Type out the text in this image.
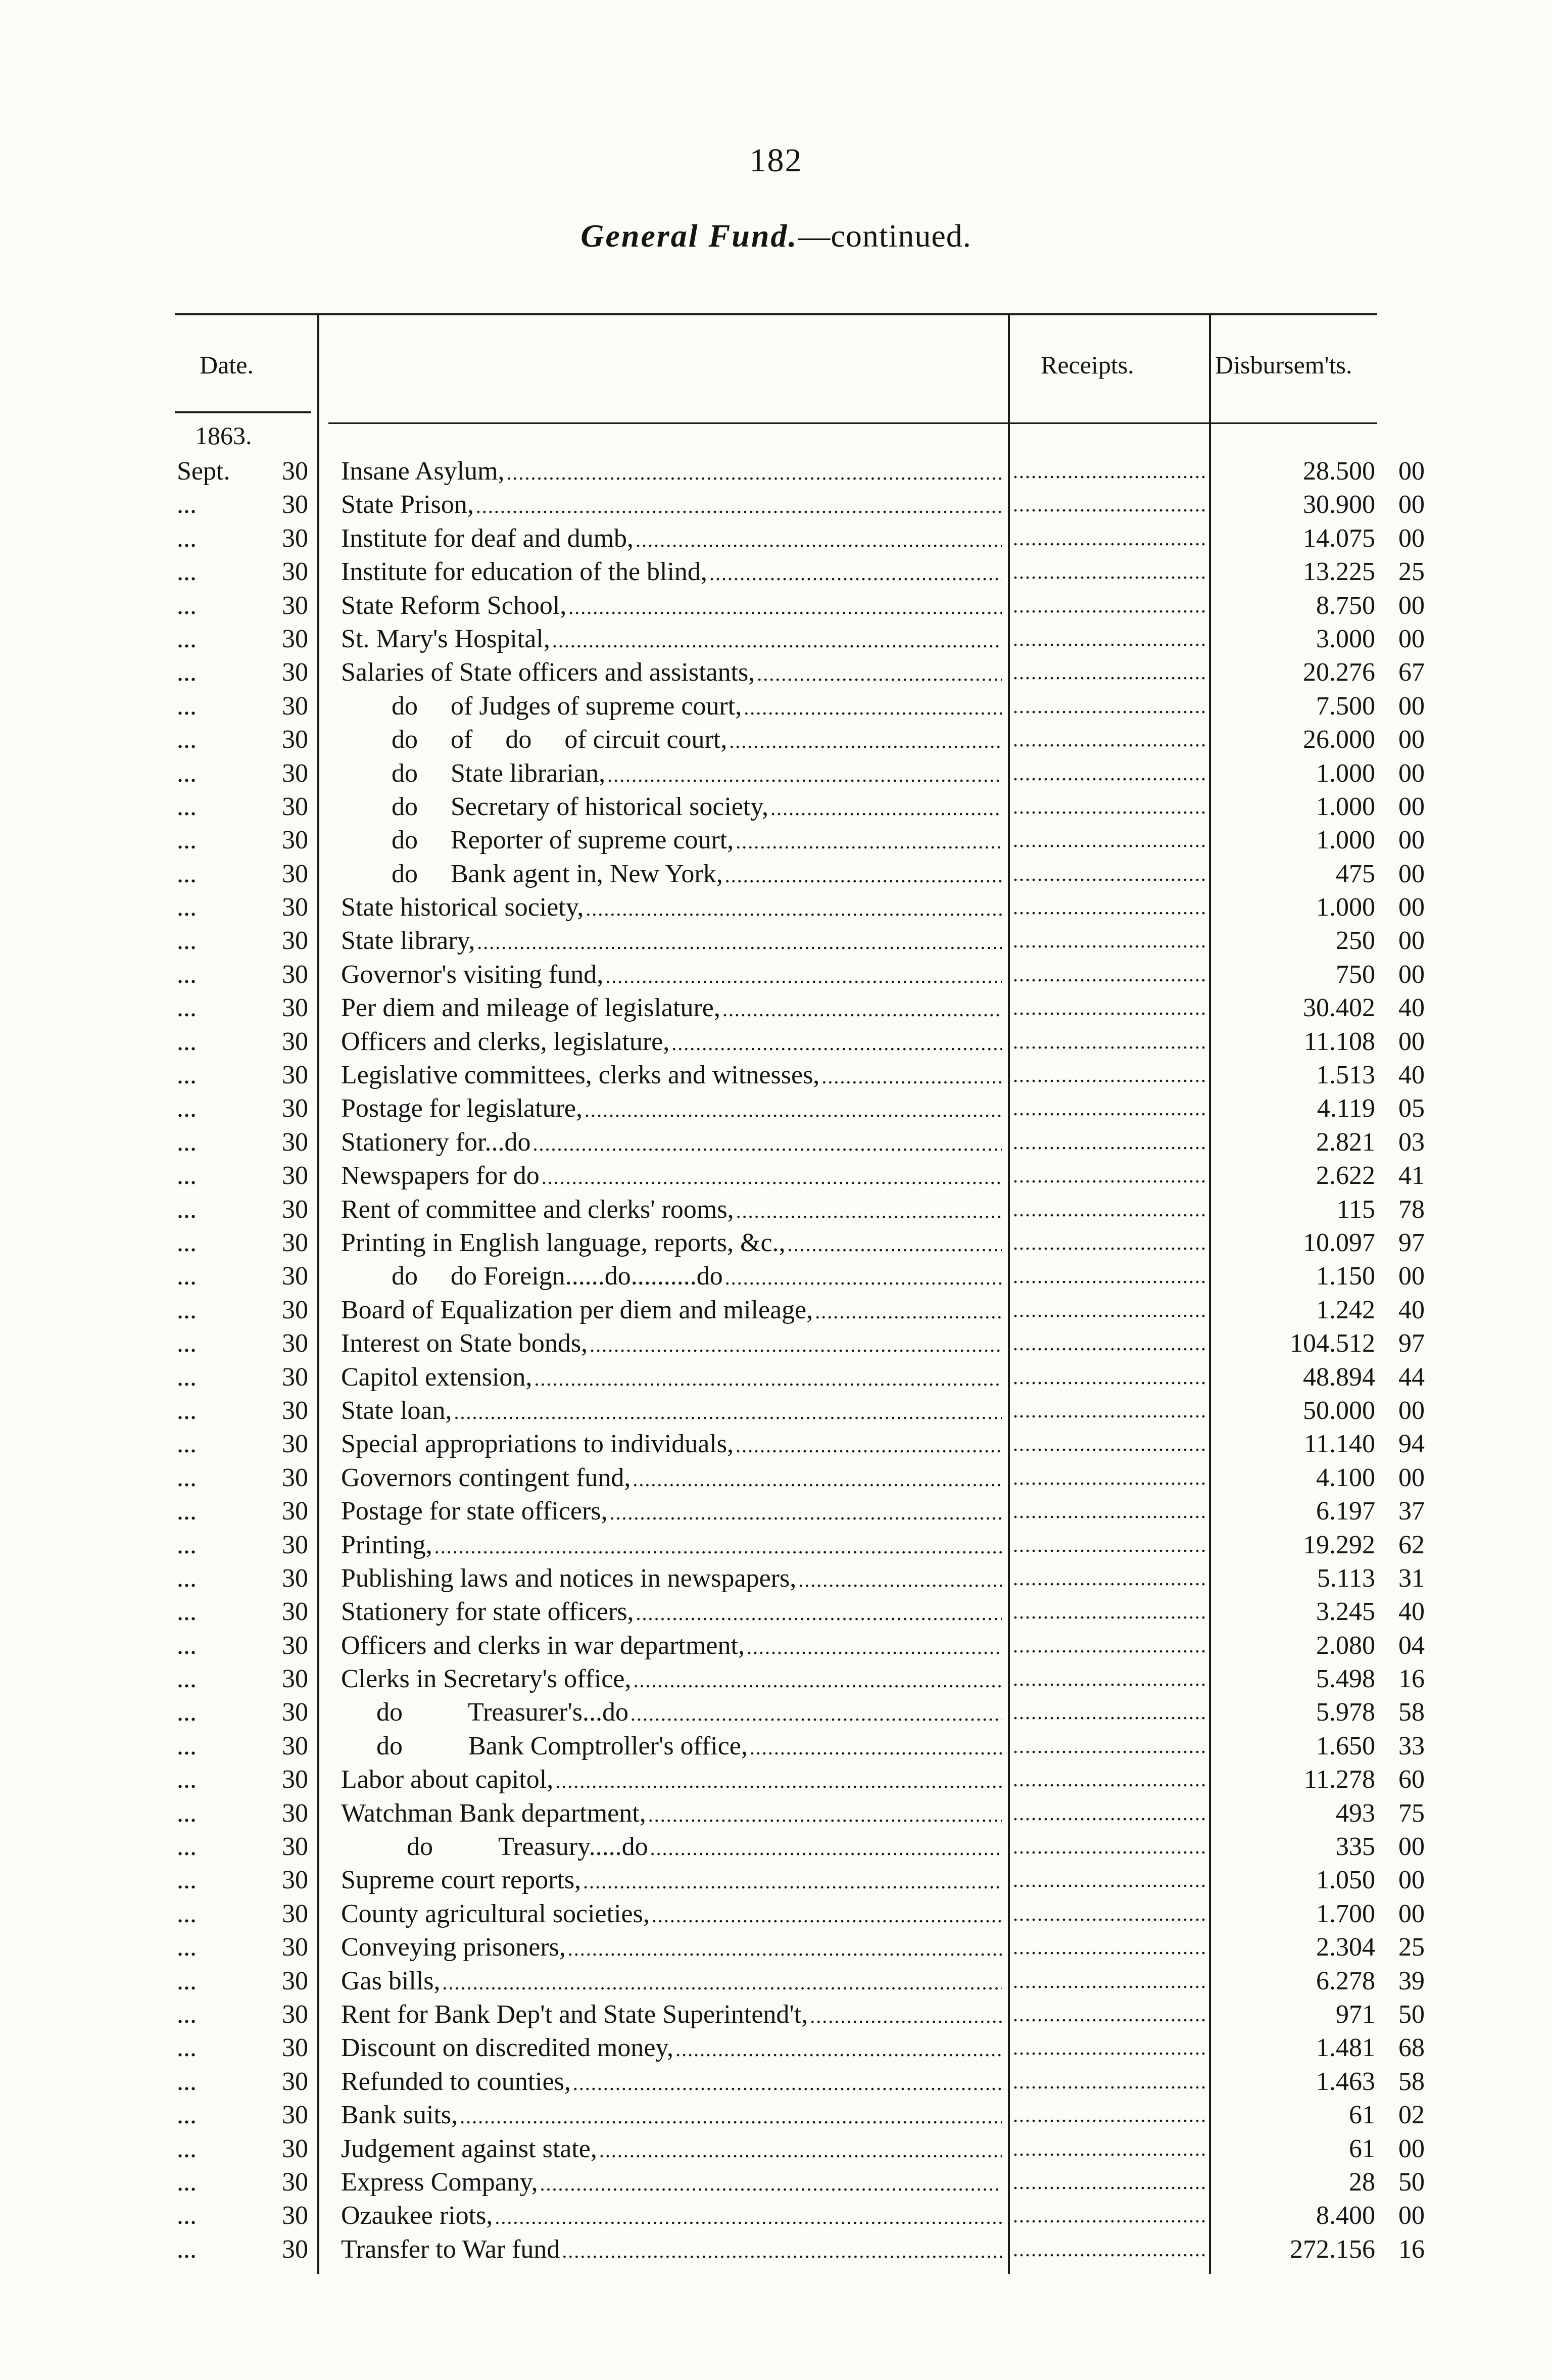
182
General Fund.—continued.
Date.	Receipts.	Disbursem'ts.
1863.
Sept.	30 Insane Asylum, ..... .....	28.500 00
...	30 State Prison, ..... .....	30.900 00
...	30 Institute for deaf and dumb, ..... .....	14.075 00
...	30 Institute for education of the blind, ..... .....	13.225 25
...	30 State Reform School, ..... .....	8.750 00
...	30 St. Mary's Hospital, ..... .....	3.000 00
...	30 Salaries of State officers and assistants, ..... .....	20.276 67
...	30	do     of Judges of supreme court, ..... .....	7.500 00
...	30	do     of     do     of circuit court, ..... .....	26.000 00
...	30	do     State librarian, ..... .....	1.000 00
...	30	do     Secretary of historical society, ..... .....	1.000 00
...	30	do     Reporter of supreme court, ..... .....	1.000 00
...	30	do     Bank agent in, New York, ..... .....	475 00
...	30 State historical society, ..... .....	1.000 00
...	30 State library, ..... .....	250 00
...	30 Governor's visiting fund, ..... .....	750 00
...	30 Per diem and mileage of legislature, ..... .....	30.402 40
...	30 Officers and clerks, legislature, ..... .....	11.108 00
...	30 Legislative committees, clerks and witnesses, ..... .....	1.513 40
...	30 Postage for legislature, ..... .....	4.119 05
...	30 Stationery for...do ..... .....	2.821 03
...	30 Newspapers for do ..... .....	2.622 41
...	30 Rent of committee and clerks' rooms, ..... .....	115 78
...	30 Printing in English language, reports, &c., ..... .....	10.097 97
...	30	do     do Foreign......do..........do ..... .....	1.150 00
...	30 Board of Equalization per diem and mileage, ..... .....	1.242 40
...	30 Interest on State bonds, ..... .....	104.512 97
...	30 Capitol extension, ..... .....	48.894 44
...	30 State loan, ..... .....	50.000 00
...	30 Special appropriations to individuals, ..... .....	11.140 94
...	30 Governors contingent fund, ..... .....	4.100 00
...	30 Postage for state officers, ..... .....	6.197 37
...	30 Printing, ..... .....	19.292 62
...	30 Publishing laws and notices in newspapers, ..... .....	5.113 31
...	30 Stationery for state officers, ..... .....	3.245 40
...	30 Officers and clerks in war department, ..... .....	2.080 04
...	30 Clerks in Secretary's office, ..... .....	5.498 16
...	30	do          Treasurer's...do ..... .....	5.978 58
...	30	do          Bank Comptroller's office, ..... .....	1.650 33
...	30 Labor about capitol, ..... .....	11.278 60
...	30 Watchman Bank department, ..... .....	493 75
...	30	do          Treasury.....do ..... .....	335 00
...	30 Supreme court reports, ..... .....	1.050 00
...	30 County agricultural societies, ..... .....	1.700 00
...	30 Conveying prisoners, ..... .....	2.304 25
...	30 Gas bills, ..... .....	6.278 39
...	30 Rent for Bank Dep't and State Superintend't, ..... .....	971 50
...	30 Discount on discredited money, ..... .....	1.481 68
...	30 Refunded to counties, ..... .....	1.463 58
...	30 Bank suits, ..... .....	61 02
...	30 Judgement against state, ..... .....	61 00
...	30 Express Company, ..... .....	28 50
...	30 Ozaukee riots, ..... .....	8.400 00
...	30 Transfer to War fund ..... .....	272.156 16
